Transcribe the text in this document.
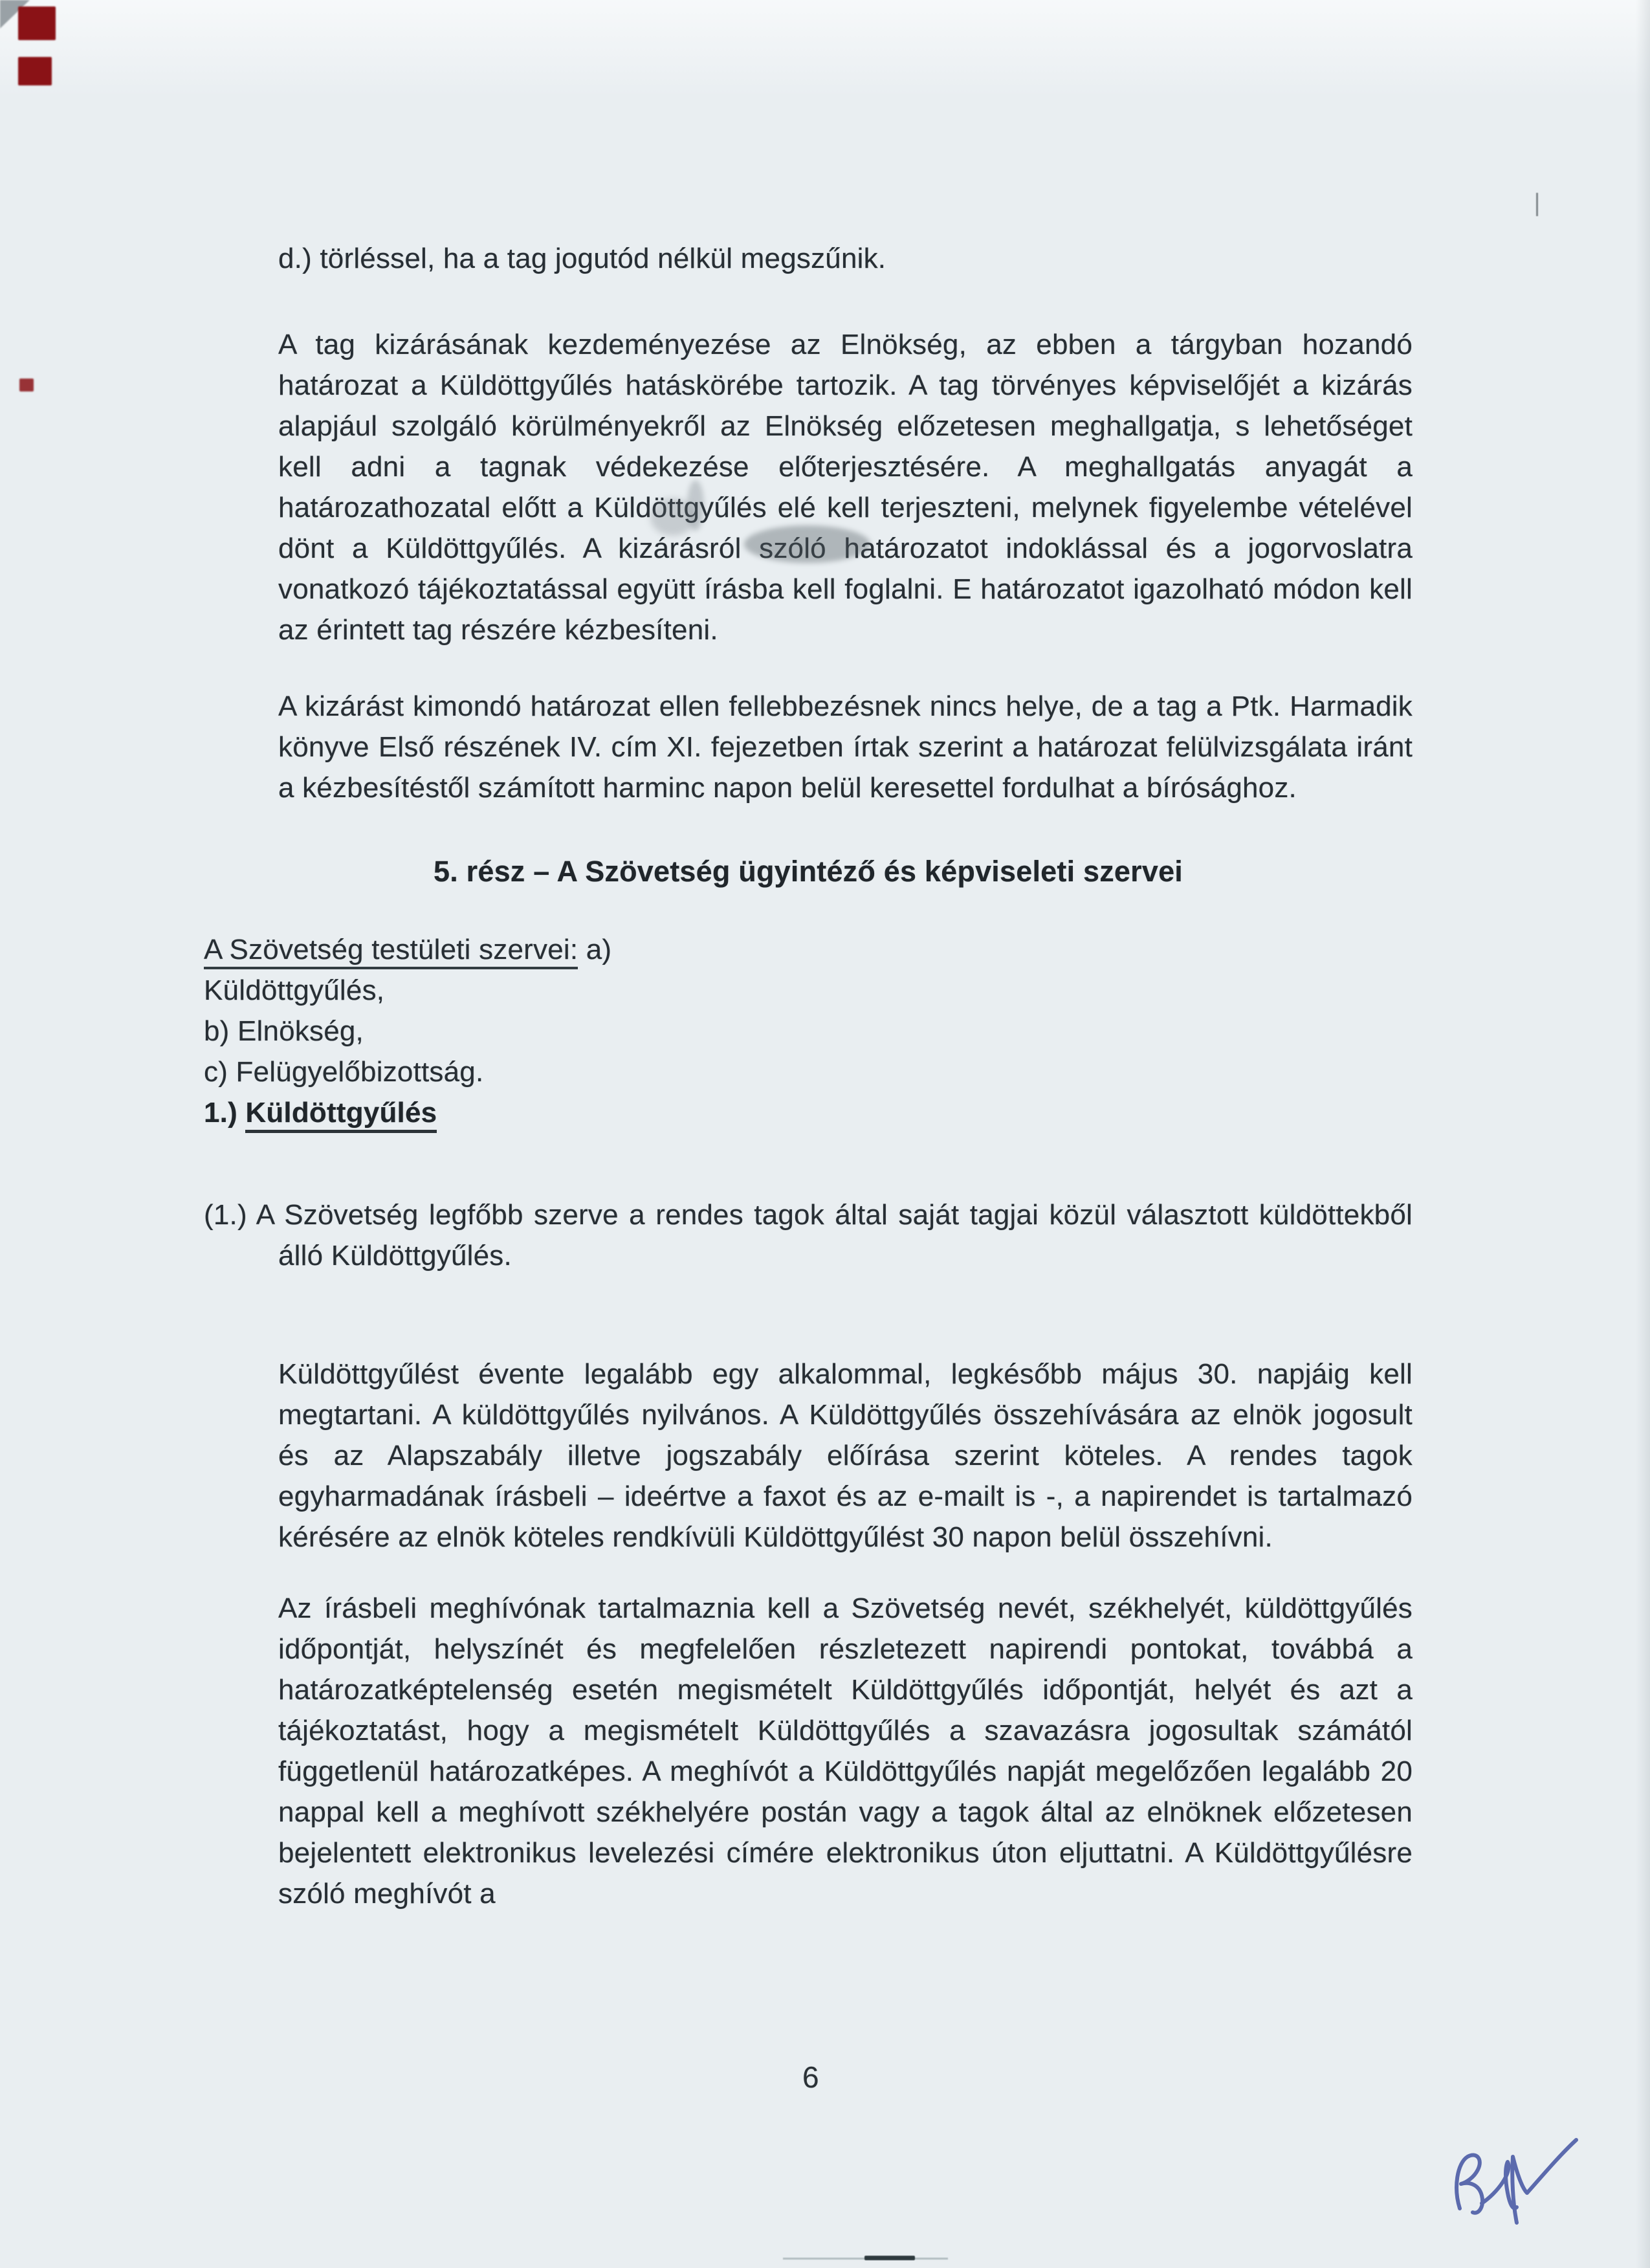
d.) törléssel, ha a tag jogutód nélkül megszűnik.

A tag kizárásának kezdeményezése az Elnökség, az ebben a tárgyban hozandó határozat a Küldöttgyűlés hatáskörébe tartozik. A tag törvényes képviselőjét a kizárás alapjául szolgáló körülményekről az Elnökség előzetesen meghallgatja, s lehetőséget kell adni a tagnak védekezése előterjesztésére. A meghallgatás anyagát a határozathozatal előtt a Küldöttgyűlés elé kell terjeszteni, melynek figyelembe vételével dönt a Küldöttgyűlés. A kizárásról szóló határozatot indoklással és a jogorvoslatra vonatkozó tájékoztatással együtt írásba kell foglalni. E határozatot igazolható módon kell az érintett tag részére kézbesíteni.

A kizárást kimondó határozat ellen fellebbezésnek nincs helye, de a tag a Ptk. Harmadik könyve Első részének IV. cím XI. fejezetben írtak szerint a határozat felülvizsgálata iránt a kézbesítéstől számított harminc napon belül keresettel fordulhat a bírósághoz.

5. rész – A Szövetség ügyintéző és képviseleti szervei
A Szövetség testületi szervei: a)
Küldöttgyűlés,
b) Elnökség,
c) Felügyelőbizottság.
1.) Küldöttgyűlés

(1.) A Szövetség legfőbb szerve a rendes tagok által saját tagjai közül választott küldöttekből álló Küldöttgyűlés.

Küldöttgyűlést évente legalább egy alkalommal, legkésőbb május 30. napjáig kell megtartani. A küldöttgyűlés nyilvános. A Küldöttgyűlés összehívására az elnök jogosult és az Alapszabály illetve jogszabály előírása szerint köteles. A rendes tagok egyharmadának írásbeli – ideértve a faxot és az e-mailt is -, a napirendet is tartalmazó kérésére az elnök köteles rendkívüli Küldöttgyűlést 30 napon belül összehívni.

Az írásbeli meghívónak tartalmaznia kell a Szövetség nevét, székhelyét, küldöttgyűlés időpontját, helyszínét és megfelelően részletezett napirendi pontokat, továbbá a határozatképtelenség esetén megismételt Küldöttgyűlés időpontját, helyét és azt a tájékoztatást, hogy a megismételt Küldöttgyűlés a szavazásra jogosultak számától függetlenül határozatképes. A meghívót a Küldöttgyűlés napját megelőzően legalább 20 nappal kell a meghívott székhelyére postán vagy a tagok által az elnöknek előzetesen bejelentett elektronikus levelezési címére elektronikus úton eljuttatni. A Küldöttgyűlésre szóló meghívót a

6
